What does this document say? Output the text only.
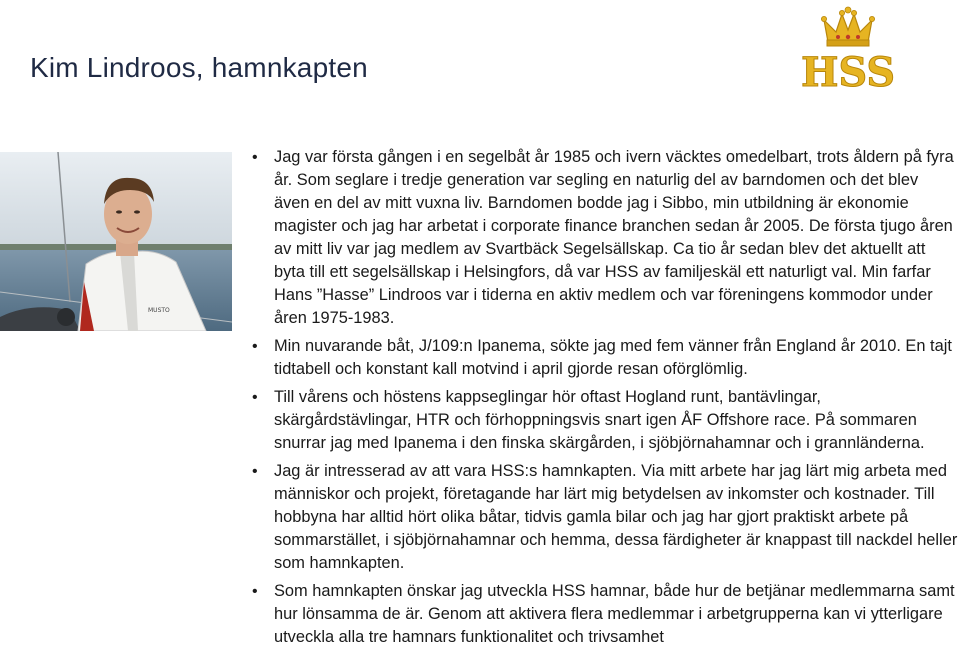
Kim Lindroos, hamnkapten	HSS
MUSTO
• Jag var första gången i en segelbåt år 1985 och ivern väcktes omedelbart, trots åldern på fyra år. Som seglare i tredje generation var segling en naturlig del av barndomen och det blev även en del av mitt vuxna liv. Barndomen bodde jag i Sibbo, min utbildning är ekonomie magister och jag har arbetat i corporate finance branchen sedan år 2005. De första tjugo åren av mitt liv var jag medlem av Svartbäck Segelsällskap. Ca tio år sedan blev det aktuellt att byta till ett segelsällskap i Helsingfors, då var HSS av familjeskäl ett naturligt val. Min farfar Hans ”Hasse” Lindroos var i tiderna en aktiv medlem och var föreningens kommodor under åren 1975-1983.
• Min nuvarande båt, J/109:n Ipanema, sökte jag med fem vänner från England år 2010. En tajt tidtabell och konstant kall motvind i april gjorde resan oförglömlig.
• Till vårens och höstens kappseglingar hör oftast Hogland runt, bantävlingar, skärgårdstävlingar, HTR och förhoppningsvis snart igen ÅF Offshore race. På sommaren snurrar jag med Ipanema i den finska skärgården, i sjöbjörnahamnar och i grannländerna.
• Jag är intresserad av att vara HSS:s hamnkapten. Via mitt arbete har jag lärt mig arbeta med människor och projekt, företagande har lärt mig betydelsen av inkomster och kostnader. Till hobbyna har alltid hört olika båtar, tidvis gamla bilar och jag har gjort praktiskt arbete på sommarstället, i sjöbjörnahamnar och hemma, dessa färdigheter är knappast till nackdel heller som hamnkapten.
• Som hamnkapten önskar jag utveckla HSS hamnar, både hur de betjänar medlemmarna samt hur lönsamma de är. Genom att aktivera flera medlemmar i arbetgrupperna kan vi ytterligare utveckla alla tre hamnars funktionalitet och trivsamhet
